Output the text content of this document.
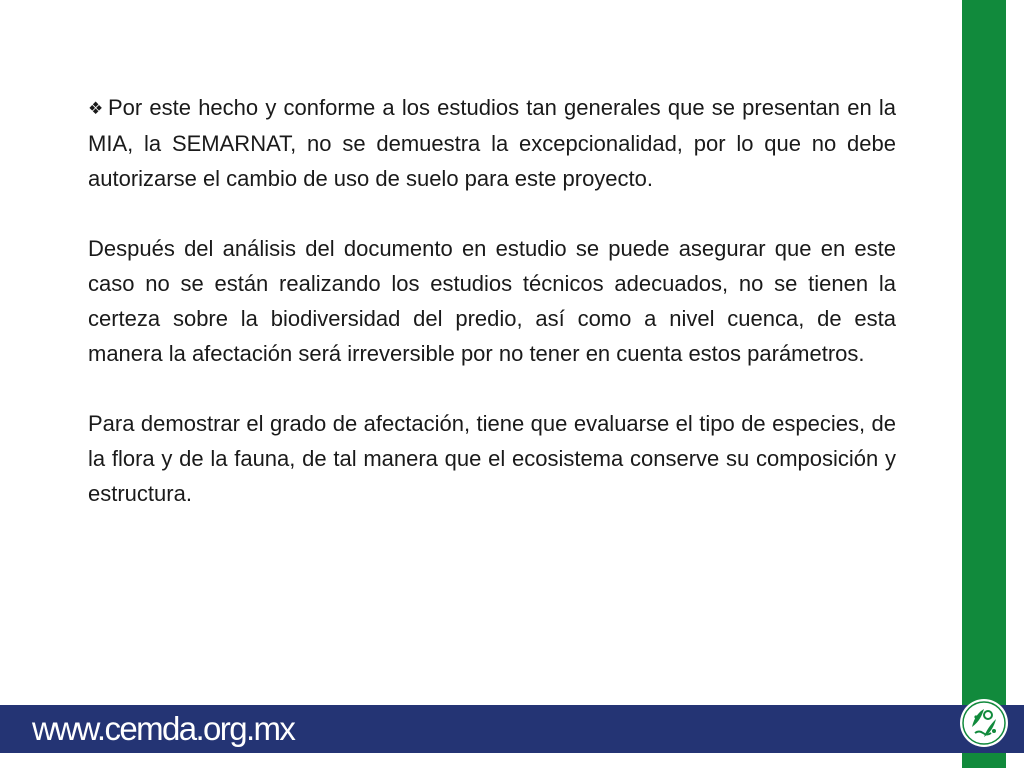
❖ Por este hecho y conforme a los estudios tan generales que se presentan en la MIA, la SEMARNAT, no se demuestra la excepcionalidad, por lo que no debe autorizarse el cambio de uso de suelo para este proyecto.

Después del análisis del documento en estudio se puede asegurar que en este caso no se están realizando los estudios técnicos adecuados, no se tienen la certeza sobre la biodiversidad del predio, así como a nivel cuenca, de esta manera la afectación será irreversible por no tener en cuenta estos parámetros.

Para demostrar el grado de afectación, tiene que evaluarse el tipo de especies, de la flora y de la fauna, de tal manera que el ecosistema conserve su composición y estructura.

www.cemda.org.mx
